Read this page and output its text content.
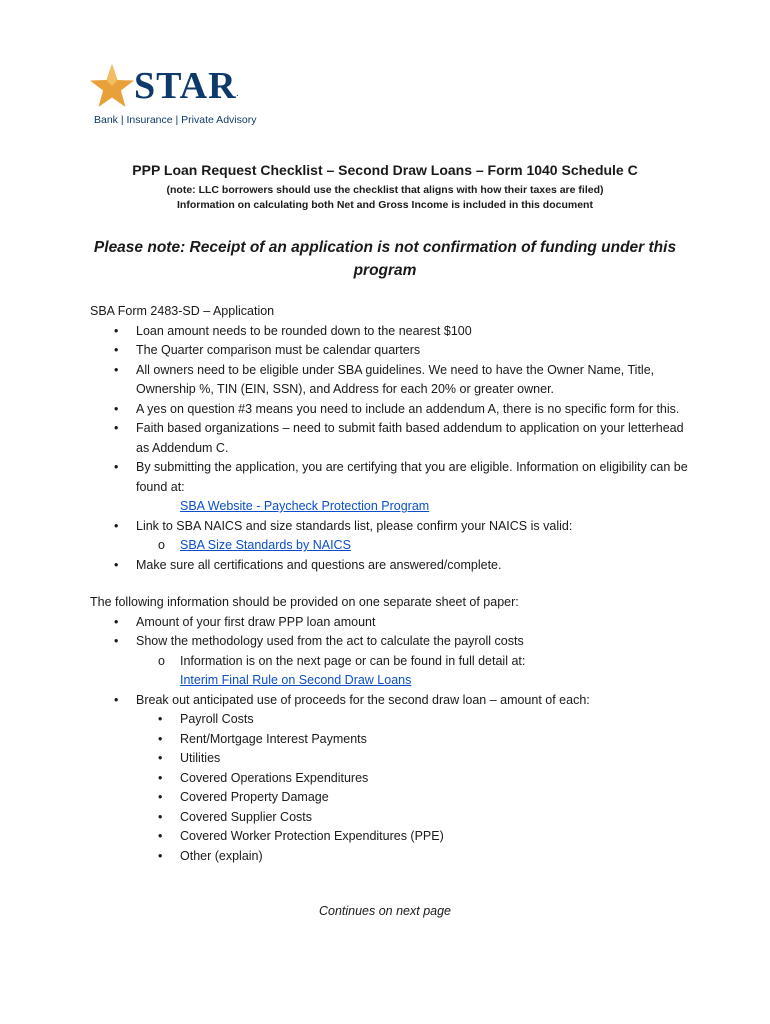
STAR.
Bank | Insurance | Private Advisory
PPP Loan Request Checklist – Second Draw Loans – Form 1040 Schedule C
(note: LLC borrowers should use the checklist that aligns with how their taxes are filed)
Information on calculating both Net and Gross Income is included in this document
Please note: Receipt of an application is not confirmation of funding under this program

SBA Form 2483-SD – Application

• Loan amount needs to be rounded down to the nearest $100
• The Quarter comparison must be calendar quarters
• All owners need to be eligible under SBA guidelines. We need to have the Owner Name, Title, Ownership %, TIN (EIN, SSN), and Address for each 20% or greater owner.
• A yes on question #3 means you need to include an addendum A, there is no specific form for this.
• Faith based organizations – need to submit faith based addendum to application on your letterhead as Addendum C.
• By submitting the application, you are certifying that you are eligible. Information on eligibility can be found at:
SBA Website - Paycheck Protection Program
• Link to SBA NAICS and size standards list, please confirm your NAICS is valid:
o SBA Size Standards by NAICS
• Make sure all certifications and questions are answered/complete.

The following information should be provided on one separate sheet of paper:

• Amount of your first draw PPP loan amount
• Show the methodology used from the act to calculate the payroll costs
o Information is on the next page or can be found in full detail at:
Interim Final Rule on Second Draw Loans
• Break out anticipated use of proceeds for the second draw loan – amount of each:
• Payroll Costs
• Rent/Mortgage Interest Payments
• Utilities
• Covered Operations Expenditures
• Covered Property Damage
• Covered Supplier Costs
• Covered Worker Protection Expenditures (PPE)
• Other (explain)
Continues on next page
